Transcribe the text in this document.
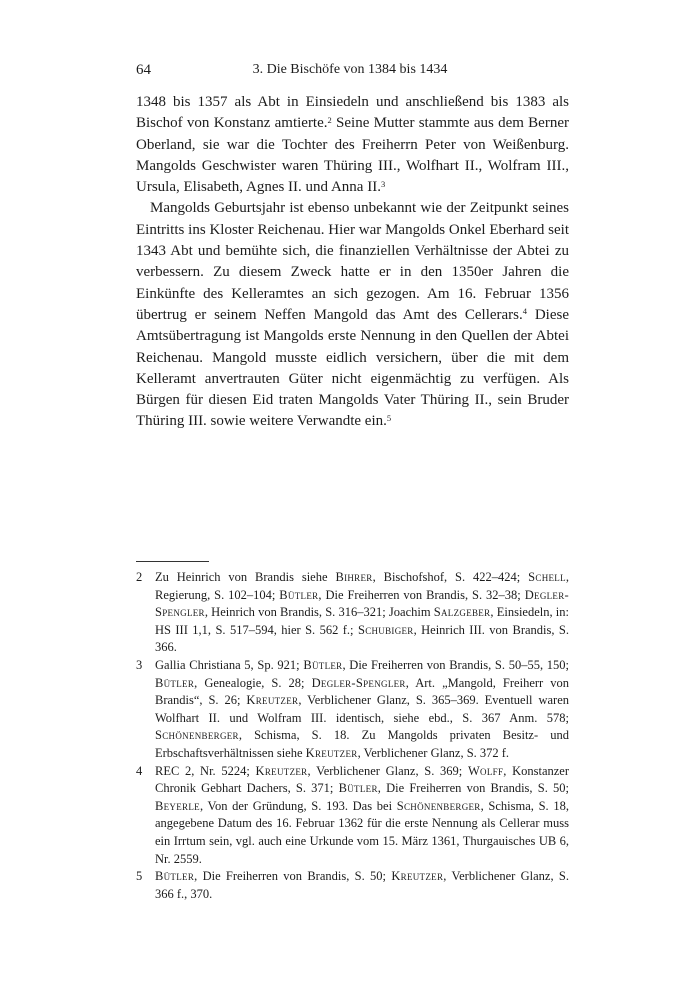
64	3. Die Bischöfe von 1384 bis 1434

1348 bis 1357 als Abt in Einsiedeln und anschließend bis 1383 als Bischof von Konstanz amtierte.$^2$ Seine Mutter stammte aus dem Berner Oberland, sie war die Tochter des Freiherrn Peter von Weißenburg. Mangolds Geschwister waren Thüring III., Wolfhart II., Wolfram III., Ursula, Elisabeth, Agnes II. und Anna II.$^3$

Mangolds Geburtsjahr ist ebenso unbekannt wie der Zeitpunkt seines Eintritts ins Kloster Reichenau. Hier war Mangolds Onkel Eberhard seit 1343 Abt und bemühte sich, die finanziellen Verhältnisse der Abtei zu verbessern. Zu diesem Zweck hatte er in den 1350er Jahren die Einkünfte des Kelleramtes an sich gezogen. Am 16. Februar 1356 übertrug er seinem Neffen Mangold das Amt des Cellerars.$^4$ Diese Amtsübertragung ist Mangolds erste Nennung in den Quellen der Abtei Reichenau. Mangold musste eidlich versichern, über die mit dem Kelleramt anvertrauten Güter nicht eigenmächtig zu verfügen. Als Bürgen für diesen Eid traten Mangolds Vater Thüring II., sein Bruder Thüring III. sowie weitere Verwandte ein.$^5$

2	Zu Heinrich von Brandis siehe Bihrer, Bischofshof, S. 422–424; Schell, Regierung, S. 102–104; Bütler, Die Freiherren von Brandis, S. 32–38; Degler-Spengler, Heinrich von Brandis, S. 316–321; Joachim Salzgeber, Einsiedeln, in: HS III 1,1, S. 517–594, hier S. 562 f.; Schubiger, Heinrich III. von Brandis, S. 366.
3	Gallia Christiana 5, Sp. 921; Bütler, Die Freiherren von Brandis, S. 50–55, 150; Bütler, Genealogie, S. 28; Degler-Spengler, Art. „Mangold, Freiherr von Brandis“, S. 26; Kreutzer, Verblichener Glanz, S. 365–369. Eventuell waren Wolfhart II. und Wolfram III. identisch, siehe ebd., S. 367 Anm. 578; Schönenberger, Schisma, S. 18. Zu Mangolds privaten Besitz- und Erbschaftsverhältnissen siehe Kreutzer, Verblichener Glanz, S. 372 f.
4	REC 2, Nr. 5224; Kreutzer, Verblichener Glanz, S. 369; Wolff, Konstanzer Chronik Gebhart Dachers, S. 371; Bütler, Die Freiherren von Brandis, S. 50; Beyerle, Von der Gründung, S. 193. Das bei Schönenberger, Schisma, S. 18, angegebene Datum des 16. Februar 1362 für die erste Nennung als Cellerar muss ein Irrtum sein, vgl. auch eine Urkunde vom 15. März 1361, Thurgauisches UB 6, Nr. 2559.
5	Bütler, Die Freiherren von Brandis, S. 50; Kreutzer, Verblichener Glanz, S. 366 f., 370.
